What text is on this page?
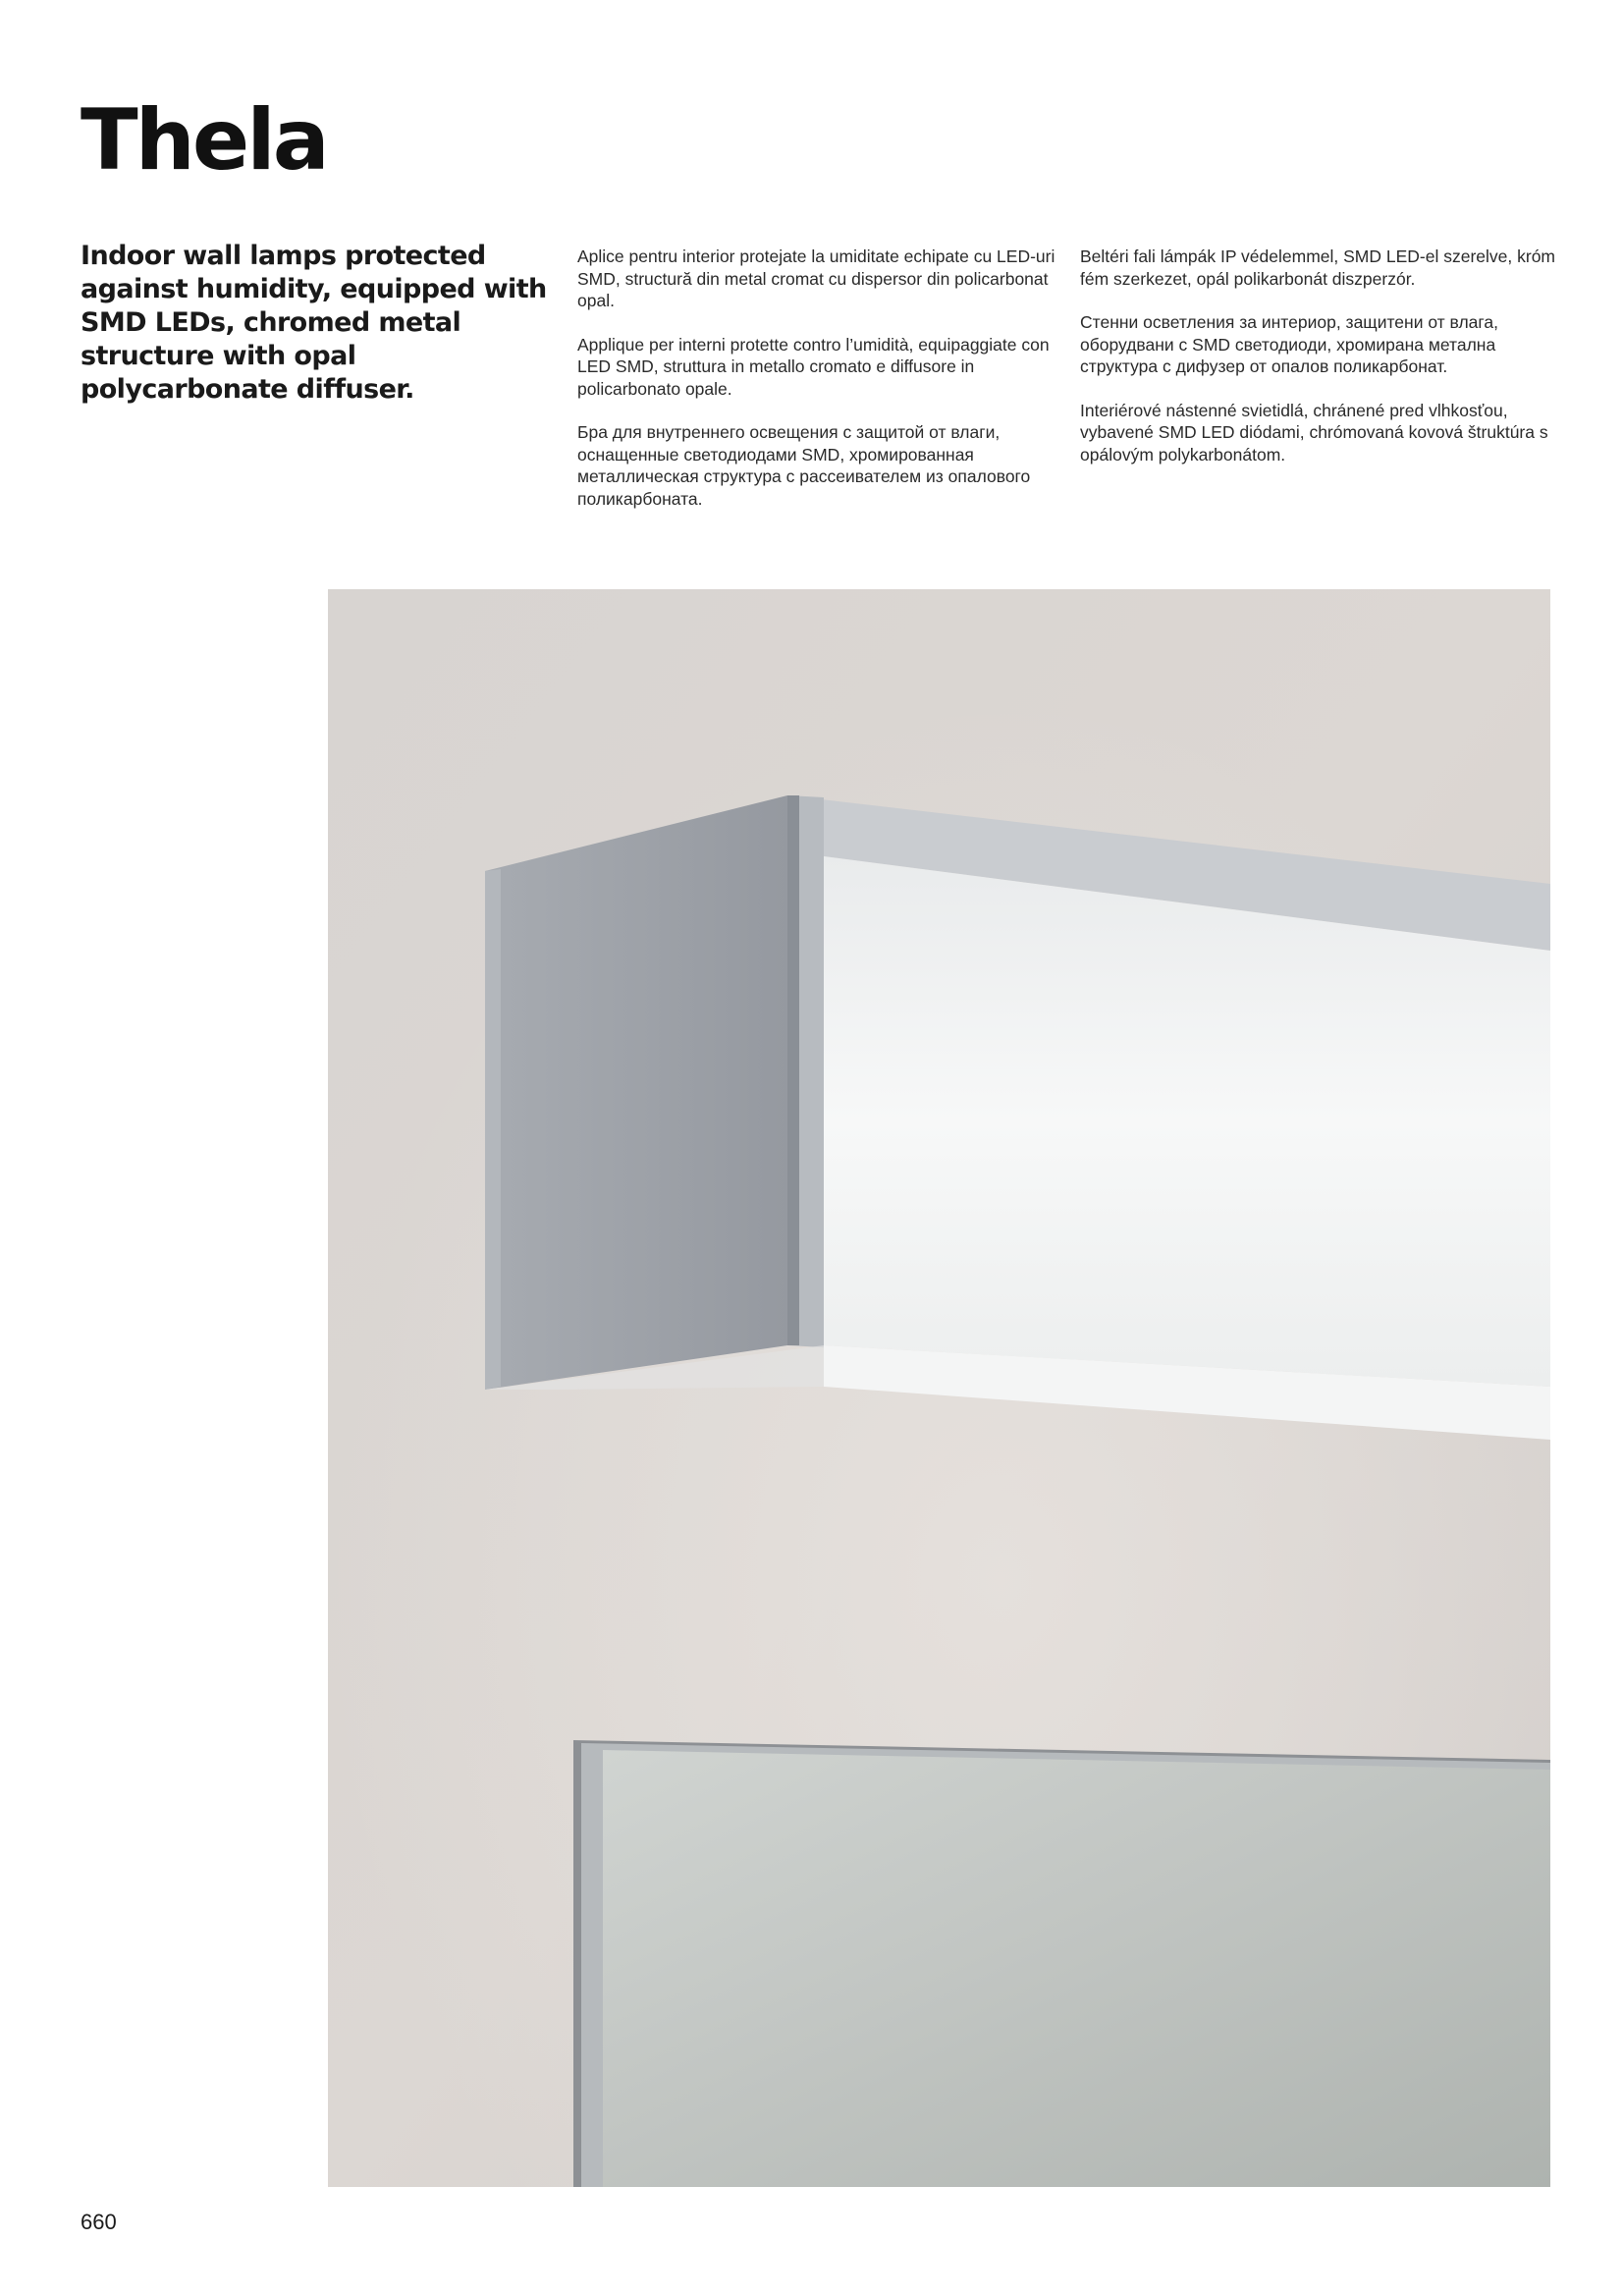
Thela

Indoor wall lamps protected against humidity, equipped with SMD LEDs, chromed metal structure with opal polycarbonate diffuser.

Aplice pentru interior protejate la umiditate echipate cu LED-uri SMD, structură din metal cromat cu dispersor din policarbonat opal.

Applique per interni protette contro l’umidità, equipaggiate con LED SMD, struttura in metallo cromato e diffusore in policarbonato opale.

Бра для внутреннего освещения с защитой от влаги, оснащенные светодиодами SMD, хромированная металлическая структура с рассеивателем из опалового поликарбоната.

Beltéri fali lámpák IP védelemmel, SMD LED-el szerelve, króm fém szerkezet, opál polikarbonát diszperzór.

Стенни осветления за интериор, защитени от влага, оборудвани с SMD светодиоди, хромирана метална структура с дифузер от опалов поликарбонат.

Interiérové nástenné svietidlá, chránené pred vlhkosťou, vybavené SMD LED diódami, chrómovaná kovová štruktúra s opálovým polykarbonátom.

660
